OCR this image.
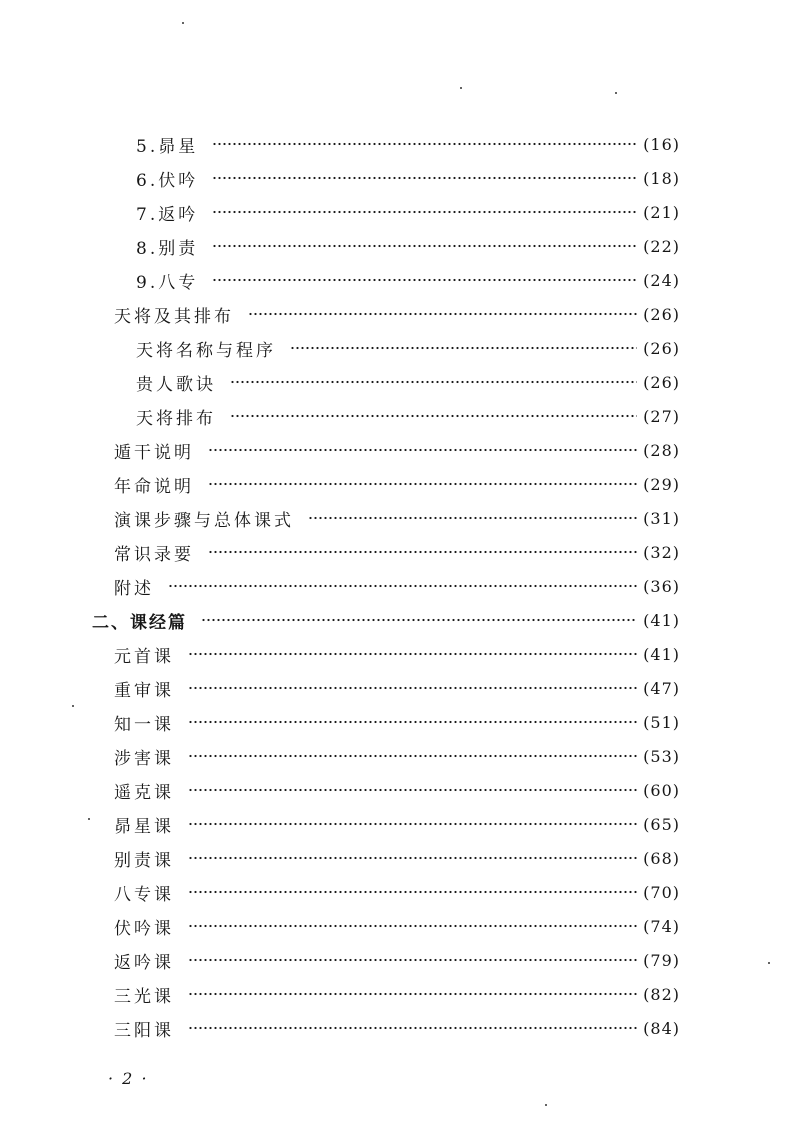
5.昴星	(16)
6.伏吟	(18)
7.返吟	(21)
8.别责	(22)
9.八专	(24)
天将及其排布	(26)
天将名称与程序	(26)
贵人歌诀	(26)
天将排布	(27)
遁干说明	(28)
年命说明	(29)
演课步骤与总体课式	(31)
常识录要	(32)
附述	(36)
二、课经篇	(41)
元首课	(41)
重审课	(47)
知一课	(51)
涉害课	(53)
遥克课	(60)
昴星课	(65)
别责课	(68)
八专课	(70)
伏吟课	(74)
返吟课	(79)
三光课	(82)
三阳课	(84)
· 2 ·
